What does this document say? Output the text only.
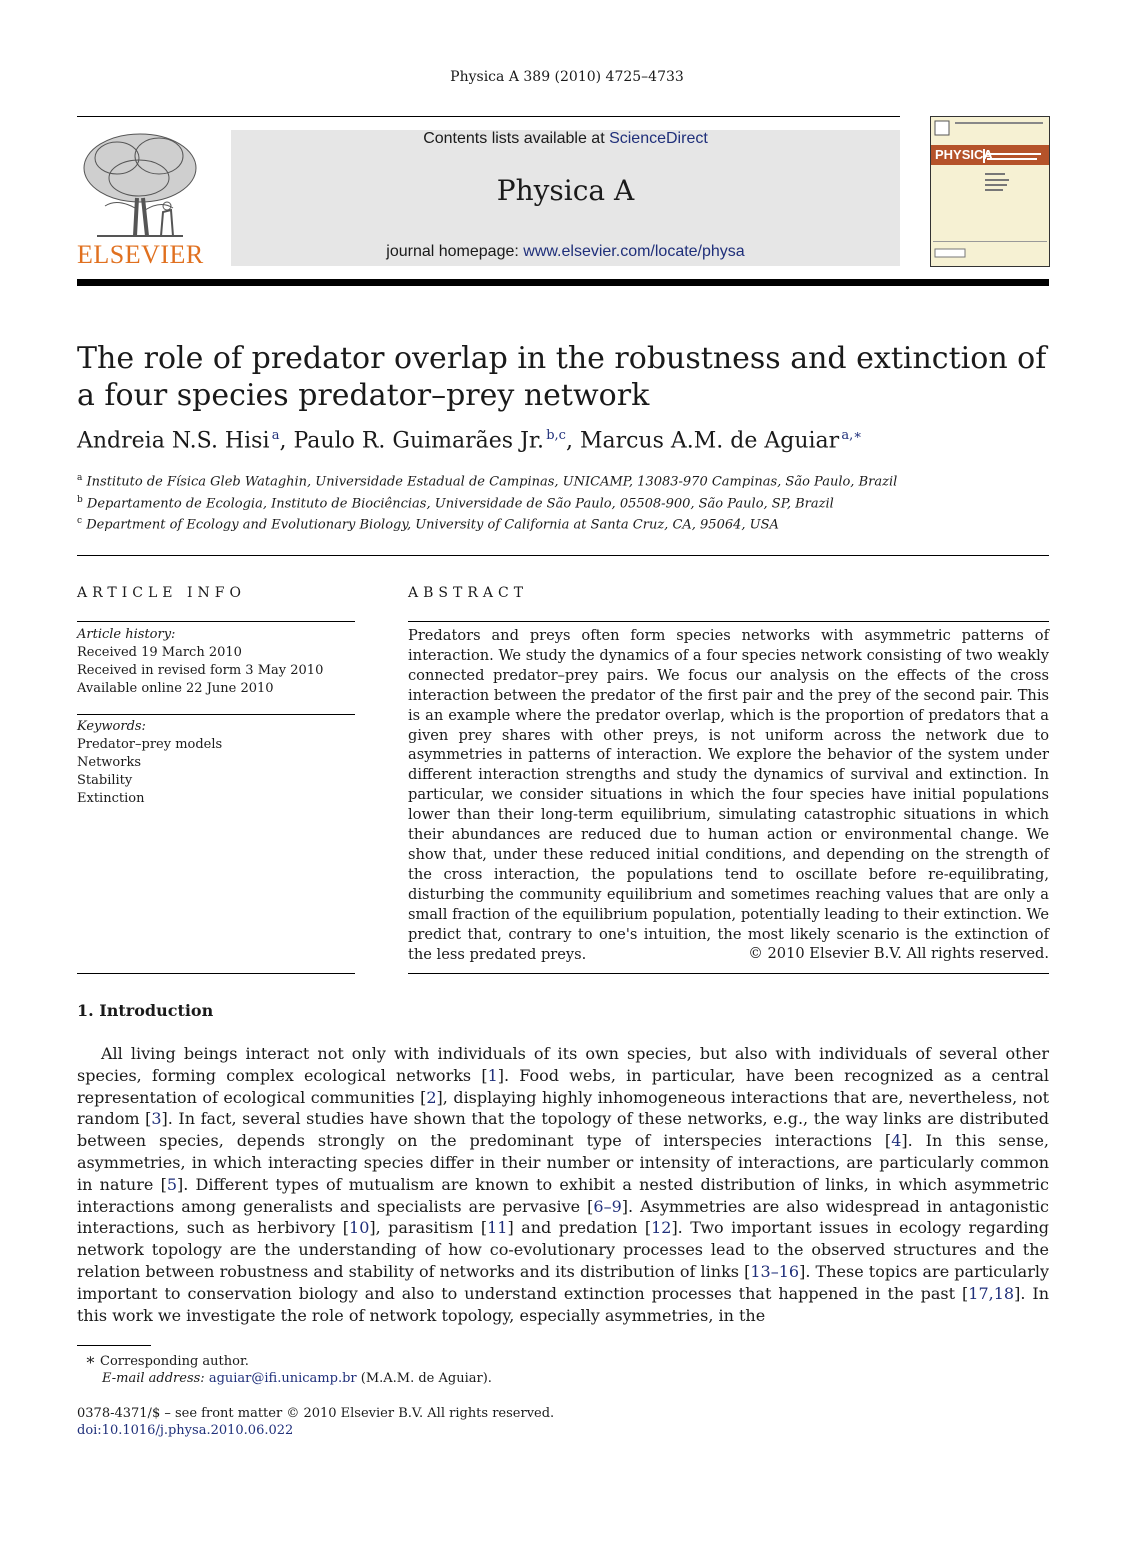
Physica A 389 (2010) 4725–4733
ELSEVIER
Contents lists available at ScienceDirect
Physica A
journal homepage: www.elsevier.com/locate/physa
PHYSICA
The role of predator overlap in the robustness and extinction of a four species predator–prey network
Andreia N.S. Hisi  $^a$, Paulo R. Guimarães Jr.  $^{b,c}$, Marcus A.M. de Aguiar  $^{a,∗}$
$^a$ Instituto de Física Gleb Wataghin, Universidade Estadual de Campinas, UNICAMP, 13083-970 Campinas, São Paulo, Brazil
$^b$ Departamento de Ecologia, Instituto de Biociências, Universidade de São Paulo, 05508-900, São Paulo, SP, Brazil
$^c$ Department of Ecology and Evolutionary Biology, University of California at Santa Cruz, CA, 95064, USA
ARTICLE INFO
Article history:
Received 19 March 2010
Received in revised form 3 May 2010
Available online 22 June 2010
Keywords:
Predator–prey models
Networks
Stability
Extinction
ABSTRACT
Predators and preys often form species networks with asymmetric patterns of interaction. We study the dynamics of a four species network consisting of two weakly connected predator–prey pairs. We focus our analysis on the effects of the cross interaction between the predator of the first pair and the prey of the second pair. This is an example where the predator overlap, which is the proportion of predators that a given prey shares with other preys, is not uniform across the network due to asymmetries in patterns of interaction. We explore the behavior of the system under different interaction strengths and study the dynamics of survival and extinction. In particular, we consider situations in which the four species have initial populations lower than their long-term equilibrium, simulating catastrophic situations in which their abundances are reduced due to human action or environmental change. We show that, under these reduced initial conditions, and depending on the strength of the cross interaction, the populations tend to oscillate before re-equilibrating, disturbing the community equilibrium and sometimes reaching values that are only a small fraction of the equilibrium population, potentially leading to their extinction. We predict that, contrary to one's intuition, the most likely scenario is the extinction of the less predated preys.	© 2010 Elsevier B.V. All rights reserved.
1. Introduction
All living beings interact not only with individuals of its own species, but also with individuals of several other species, forming complex ecological networks [1]. Food webs, in particular, have been recognized as a central representation of ecological communities [2], displaying highly inhomogeneous interactions that are, nevertheless, not random [3]. In fact, several studies have shown that the topology of these networks, e.g., the way links are distributed between species, depends strongly on the predominant type of interspecies interactions [4]. In this sense, asymmetries, in which interacting species differ in their number or intensity of interactions, are particularly common in nature [5]. Different types of mutualism are known to exhibit a nested distribution of links, in which asymmetric interactions among generalists and specialists are pervasive [6–9]. Asymmetries are also widespread in antagonistic interactions, such as herbivory [10], parasitism [11] and predation [12]. Two important issues in ecology regarding network topology are the understanding of how co-evolutionary processes lead to the observed structures and the relation between robustness and stability of networks and its distribution of links [13–16]. These topics are particularly important to conservation biology and also to understand extinction processes that happened in the past [17,18]. In this work we investigate the role of network topology, especially asymmetries, in the
∗ Corresponding author.
E-mail address: aguiar@ifi.unicamp.br (M.A.M. de Aguiar).
0378-4371/$ – see front matter © 2010 Elsevier B.V. All rights reserved.
doi:10.1016/j.physa.2010.06.022
